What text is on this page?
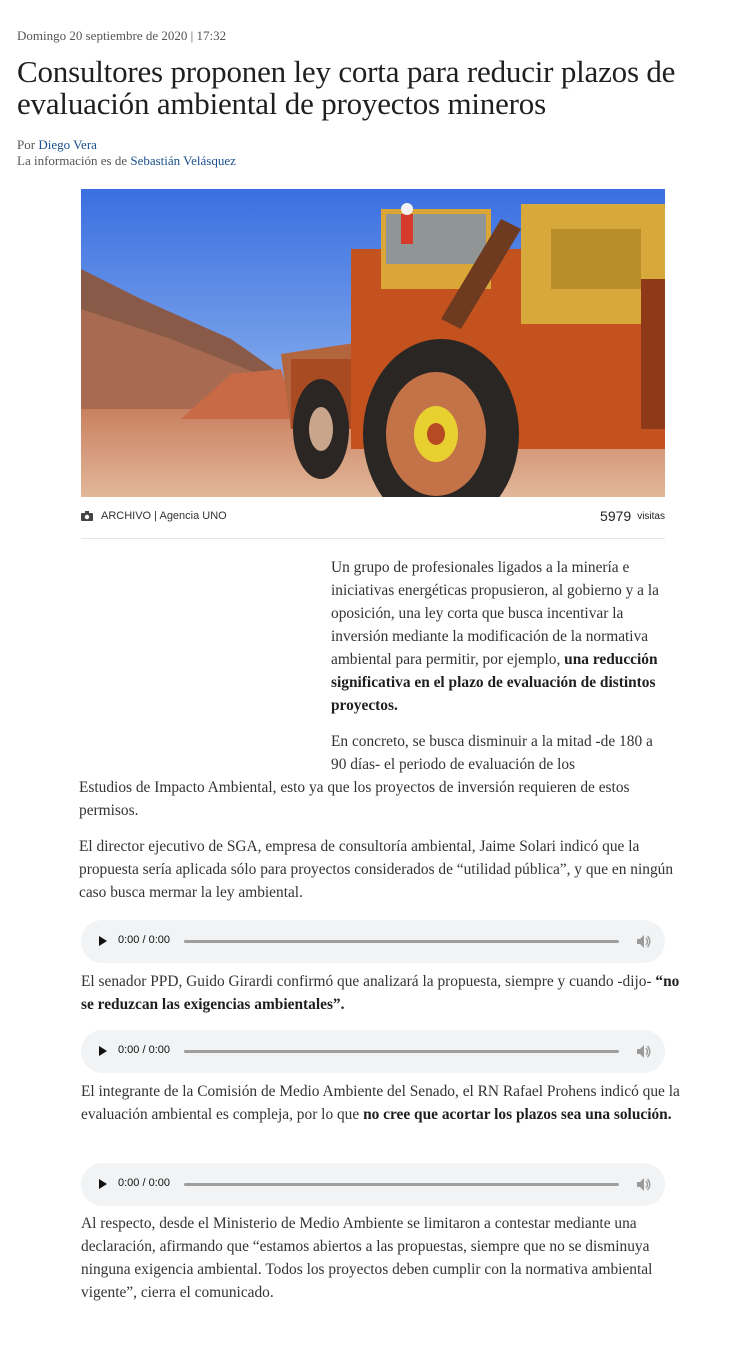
Domingo 20 septiembre de 2020 | 17:32
Consultores proponen ley corta para reducir plazos de evaluación ambiental de proyectos mineros
Por Diego Vera
La información es de Sebastián Velásquez
ARCHIVO | Agencia UNO	5979 visitas

Un grupo de profesionales ligados a la minería e iniciativas energéticas propusieron, al gobierno y a la oposición, una ley corta que busca incentivar la inversión mediante la modificación de la normativa ambiental para permitir, por ejemplo, una reducción significativa en el plazo de evaluación de distintos proyectos.

En concreto, se busca disminuir a la mitad -de 180 a 90 días- el periodo de evaluación de los

Estudios de Impacto Ambiental, esto ya que los proyectos de inversión requieren de estos permisos.

El director ejecutivo de SGA, empresa de consultoría ambiental, Jaime Solari indicó que la propuesta sería aplicada sólo para proyectos considerados de “utilidad pública”, y que en ningún caso busca mermar la ley ambiental.

0:00 / 0:00

El senador PPD, Guido Girardi confirmó que analizará la propuesta, siempre y cuando -dijo- “no se reduzcan las exigencias ambientales”.

0:00 / 0:00

El integrante de la Comisión de Medio Ambiente del Senado, el RN Rafael Prohens indicó que la evaluación ambiental es compleja, por lo que no cree que acortar los plazos sea una solución.

0:00 / 0:00

Al respecto, desde el Ministerio de Medio Ambiente se limitaron a contestar mediante una declaración, afirmando que “estamos abiertos a las propuestas, siempre que no se disminuya ninguna exigencia ambiental. Todos los proyectos deben cumplir con la normativa ambiental vigente”, cierra el comunicado.
